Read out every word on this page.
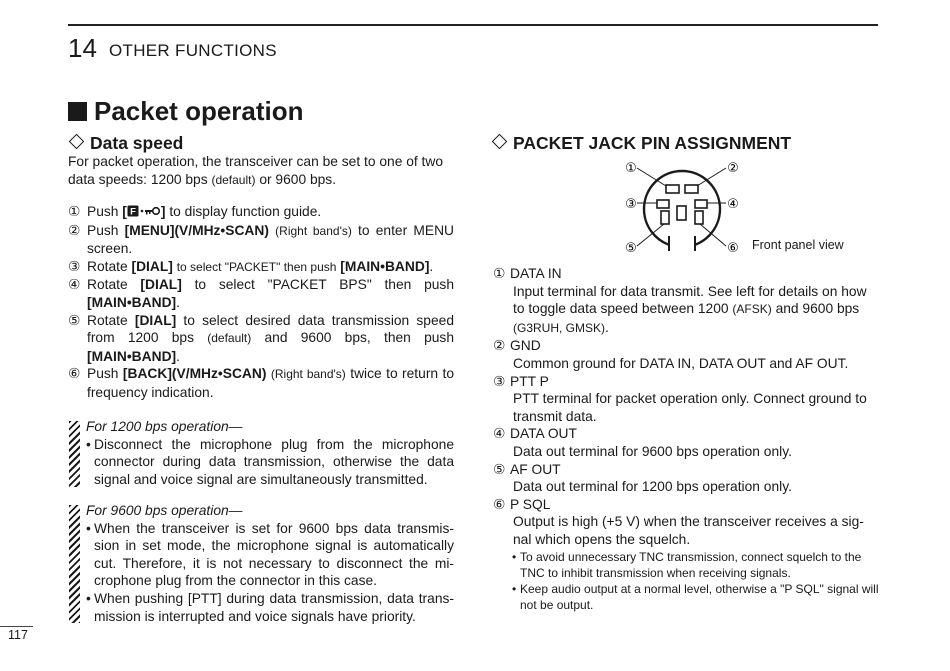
14 OTHER FUNCTIONS
Packet operation
Data speed
For packet operation, the transceiver can be set to one of two data speeds: 1200 bps (default) or 9600 bps.
① Push [ F ] to display function guide.
② Push [MENU](V/MHz•SCAN) (Right band's) to enter MENU screen.
③ Rotate [DIAL] to select "PACKET" then push [MAIN•BAND].
④ Rotate [DIAL] to select "PACKET BPS" then push [MAIN•BAND].
⑤ Rotate [DIAL] to select desired data transmission speed from 1200 bps (default) and 9600 bps, then push [MAIN•BAND].
⑥ Push [BACK](V/MHz•SCAN) (Right band's) twice to return to frequency indication.
For 1200 bps operation—
• Disconnect the microphone plug from the microphone connector during data transmission, otherwise the data signal and voice signal are simultaneously transmitted.
For 9600 bps operation—
• When the transceiver is set for 9600 bps data transmis-sion in set mode, the microphone signal is automatically cut. Therefore, it is not necessary to disconnect the mi-crophone plug from the connector in this case.
• When pushing [PTT] during data transmission, data trans-mission is interrupted and voice signals have priority.
PACKET JACK PIN ASSIGNMENT
①	②
③	④
⑤	⑥ Front panel view
① DATA IN
Input terminal for data transmit. See left for details on how to toggle data speed between 1200 (AFSK) and 9600 bps (G3RUH, GMSK).
② GND
Common ground for DATA IN, DATA OUT and AF OUT.
③ PTT P
PTT terminal for packet operation only. Connect ground to transmit data.
④ DATA OUT
Data out terminal for 9600 bps operation only.
⑤ AF OUT
Data out terminal for 1200 bps operation only.
⑥ P SQL
Output is high (+5 V) when the transceiver receives a sig-nal which opens the squelch.
• To avoid unnecessary TNC transmission, connect squelch to the TNC to inhibit transmission when receiving signals.
• Keep audio output at a normal level, otherwise a "P SQL" signal will not be output.
117
